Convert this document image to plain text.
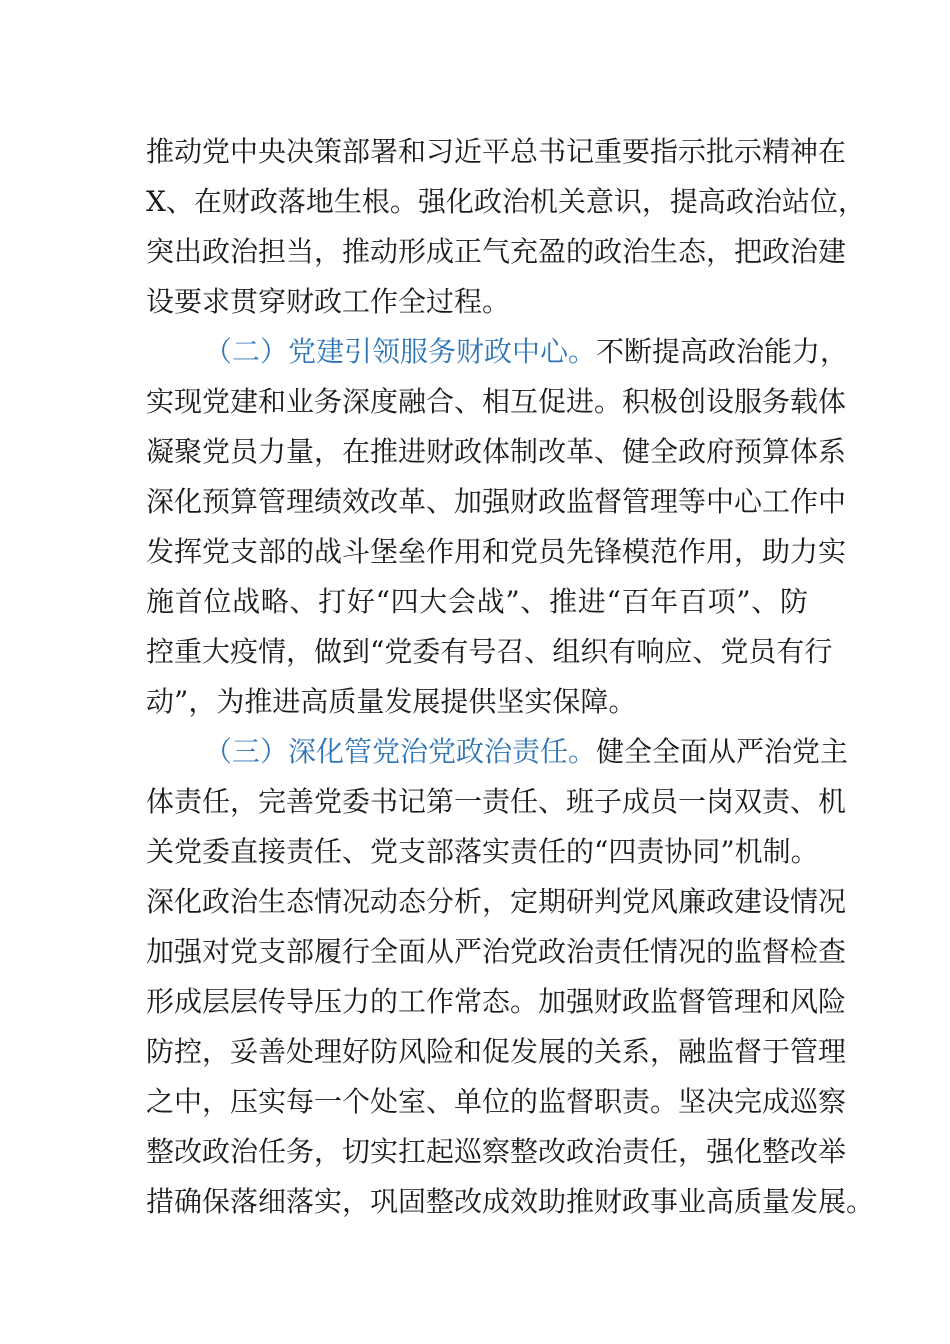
推动党中央决策部署和习近平总书记重要指示批示精神在
X、在财政落地生根。强化政治机关意识，提高政治站位，
突出政治担当，推动形成正气充盈的政治生态，把政治建
设要求贯穿财政工作全过程。
（二）党建引领服务财政中心。不断提高政治能力，
实现党建和业务深度融合、相互促进。积极创设服务载体
凝聚党员力量，在推进财政体制改革、健全政府预算体系
深化预算管理绩效改革、加强财政监督管理等中心工作中
发挥党支部的战斗堡垒作用和党员先锋模范作用，助力实
施首位战略、打好“四大会战”、推进“百年百项”、防
控重大疫情，做到“党委有号召、组织有响应、党员有行
动”，为推进高质量发展提供坚实保障。
（三）深化管党治党政治责任。健全全面从严治党主
体责任，完善党委书记第一责任、班子成员一岗双责、机
关党委直接责任、党支部落实责任的“四责协同”机制。
深化政治生态情况动态分析，定期研判党风廉政建设情况
加强对党支部履行全面从严治党政治责任情况的监督检查
形成层层传导压力的工作常态。加强财政监督管理和风险
防控，妥善处理好防风险和促发展的关系，融监督于管理
之中，压实每一个处室、单位的监督职责。坚决完成巡察
整改政治任务，切实扛起巡察整改政治责任，强化整改举
措确保落细落实，巩固整改成效助推财政事业高质量发展。
